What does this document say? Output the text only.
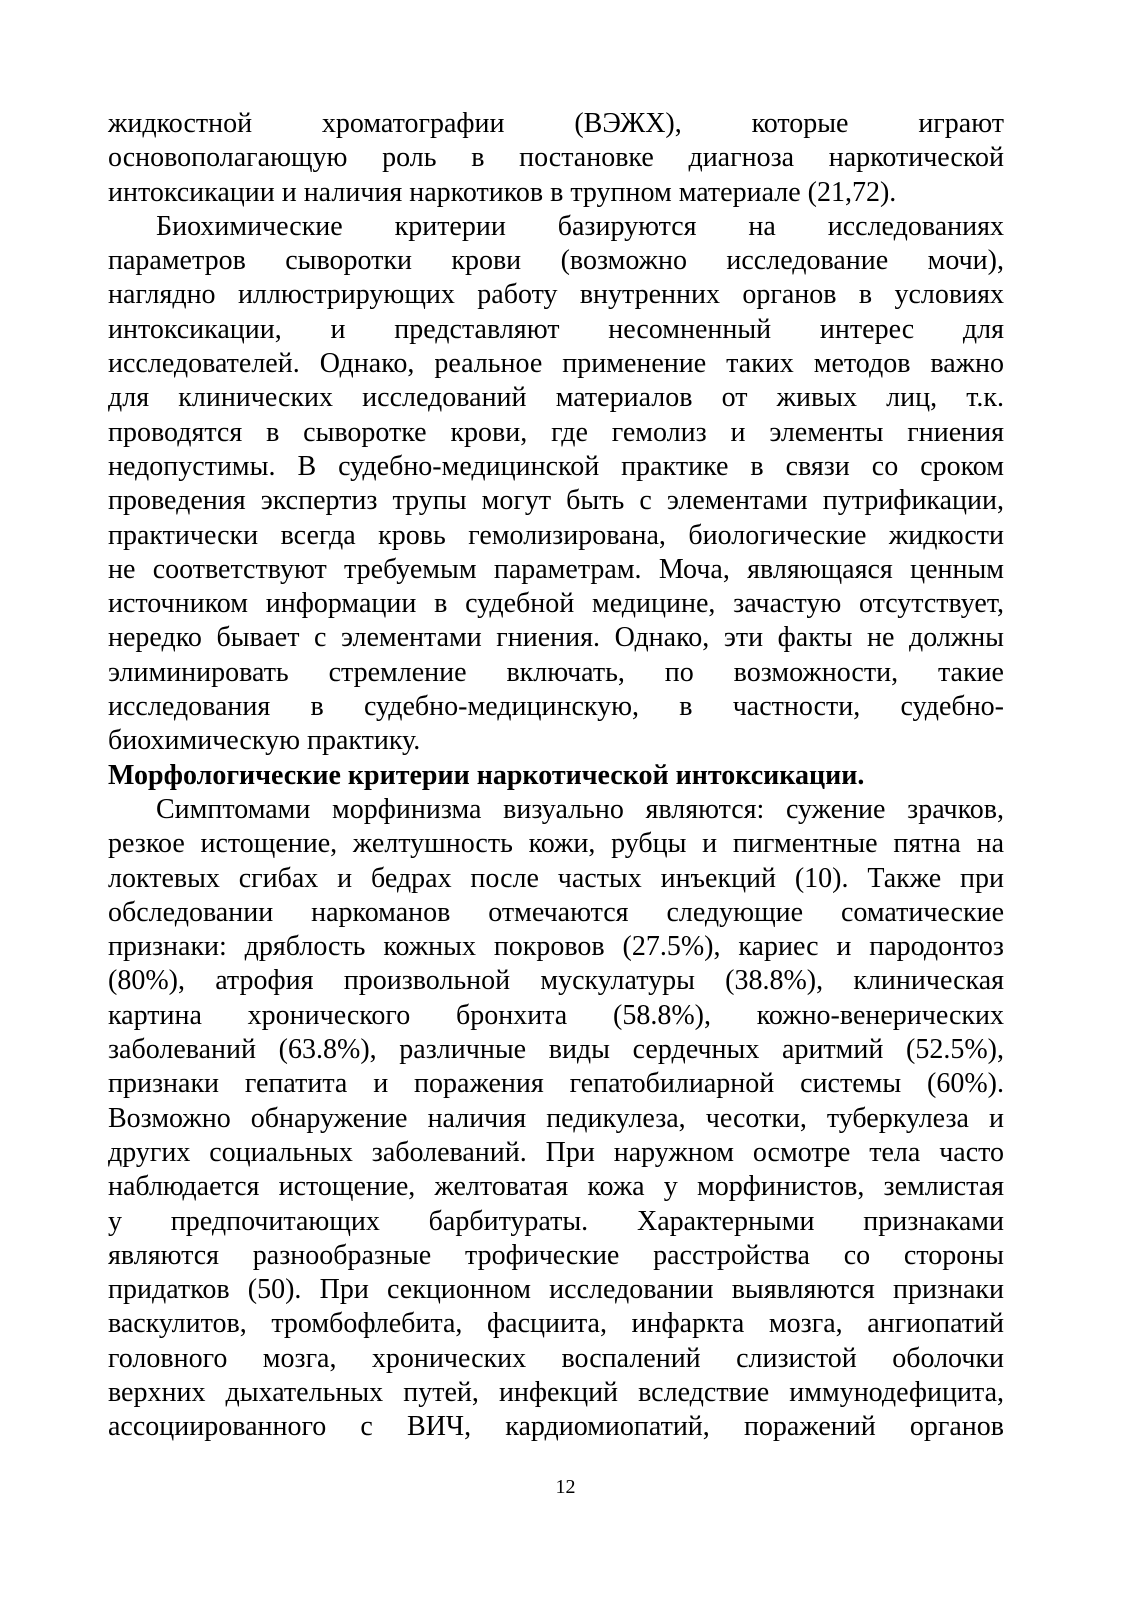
жидкостной хроматографии (ВЭЖХ), которые играют
основополагающую роль в постановке диагноза наркотической
интоксикации и наличия наркотиков в трупном материале (21,72).
Биохимические критерии базируются на исследованиях
параметров сыворотки крови (возможно исследование мочи),
наглядно иллюстрирующих работу внутренних органов в условиях
интоксикации, и представляют несомненный интерес для
исследователей. Однако, реальное применение таких методов важно
для клинических исследований материалов от живых лиц, т.к.
проводятся в сыворотке крови, где гемолиз и элементы гниения
недопустимы. В судебно-медицинской практике в связи со сроком
проведения экспертиз трупы могут быть с элементами путрификации,
практически всегда кровь гемолизирована, биологические жидкости
не соответствуют требуемым параметрам. Моча, являющаяся ценным
источником информации в судебной медицине, зачастую отсутствует,
нередко бывает с элементами гниения. Однако, эти факты не должны
элиминировать стремление включать, по возможности, такие
исследования в судебно-медицинскую, в частности, судебно-
биохимическую практику.
Морфологические критерии наркотической интоксикации.
Симптомами морфинизма визуально являются: сужение зрачков,
резкое истощение, желтушность кожи, рубцы и пигментные пятна на
локтевых сгибах и бедрах после частых инъекций (10). Также при
обследовании наркоманов отмечаются следующие соматические
признаки: дряблость кожных покровов (27.5%), кариес и пародонтоз
(80%), атрофия произвольной мускулатуры (38.8%), клиническая
картина хронического бронхита (58.8%), кожно-венерических
заболеваний (63.8%), различные виды сердечных аритмий (52.5%),
признаки гепатита и поражения гепатобилиарной системы (60%).
Возможно обнаружение наличия педикулеза, чесотки, туберкулеза и
других социальных заболеваний. При наружном осмотре тела часто
наблюдается истощение, желтоватая кожа у морфинистов, землистая
у предпочитающих барбитураты. Характерными признаками
являются разнообразные трофические расстройства со стороны
придатков (50). При секционном исследовании выявляются признаки
васкулитов, тромбофлебита, фасциита, инфаркта мозга, ангиопатий
головного мозга, хронических воспалений слизистой оболочки
верхних дыхательных путей, инфекций вследствие иммунодефицита,
ассоциированного с ВИЧ, кардиомиопатий, поражений органов
12
